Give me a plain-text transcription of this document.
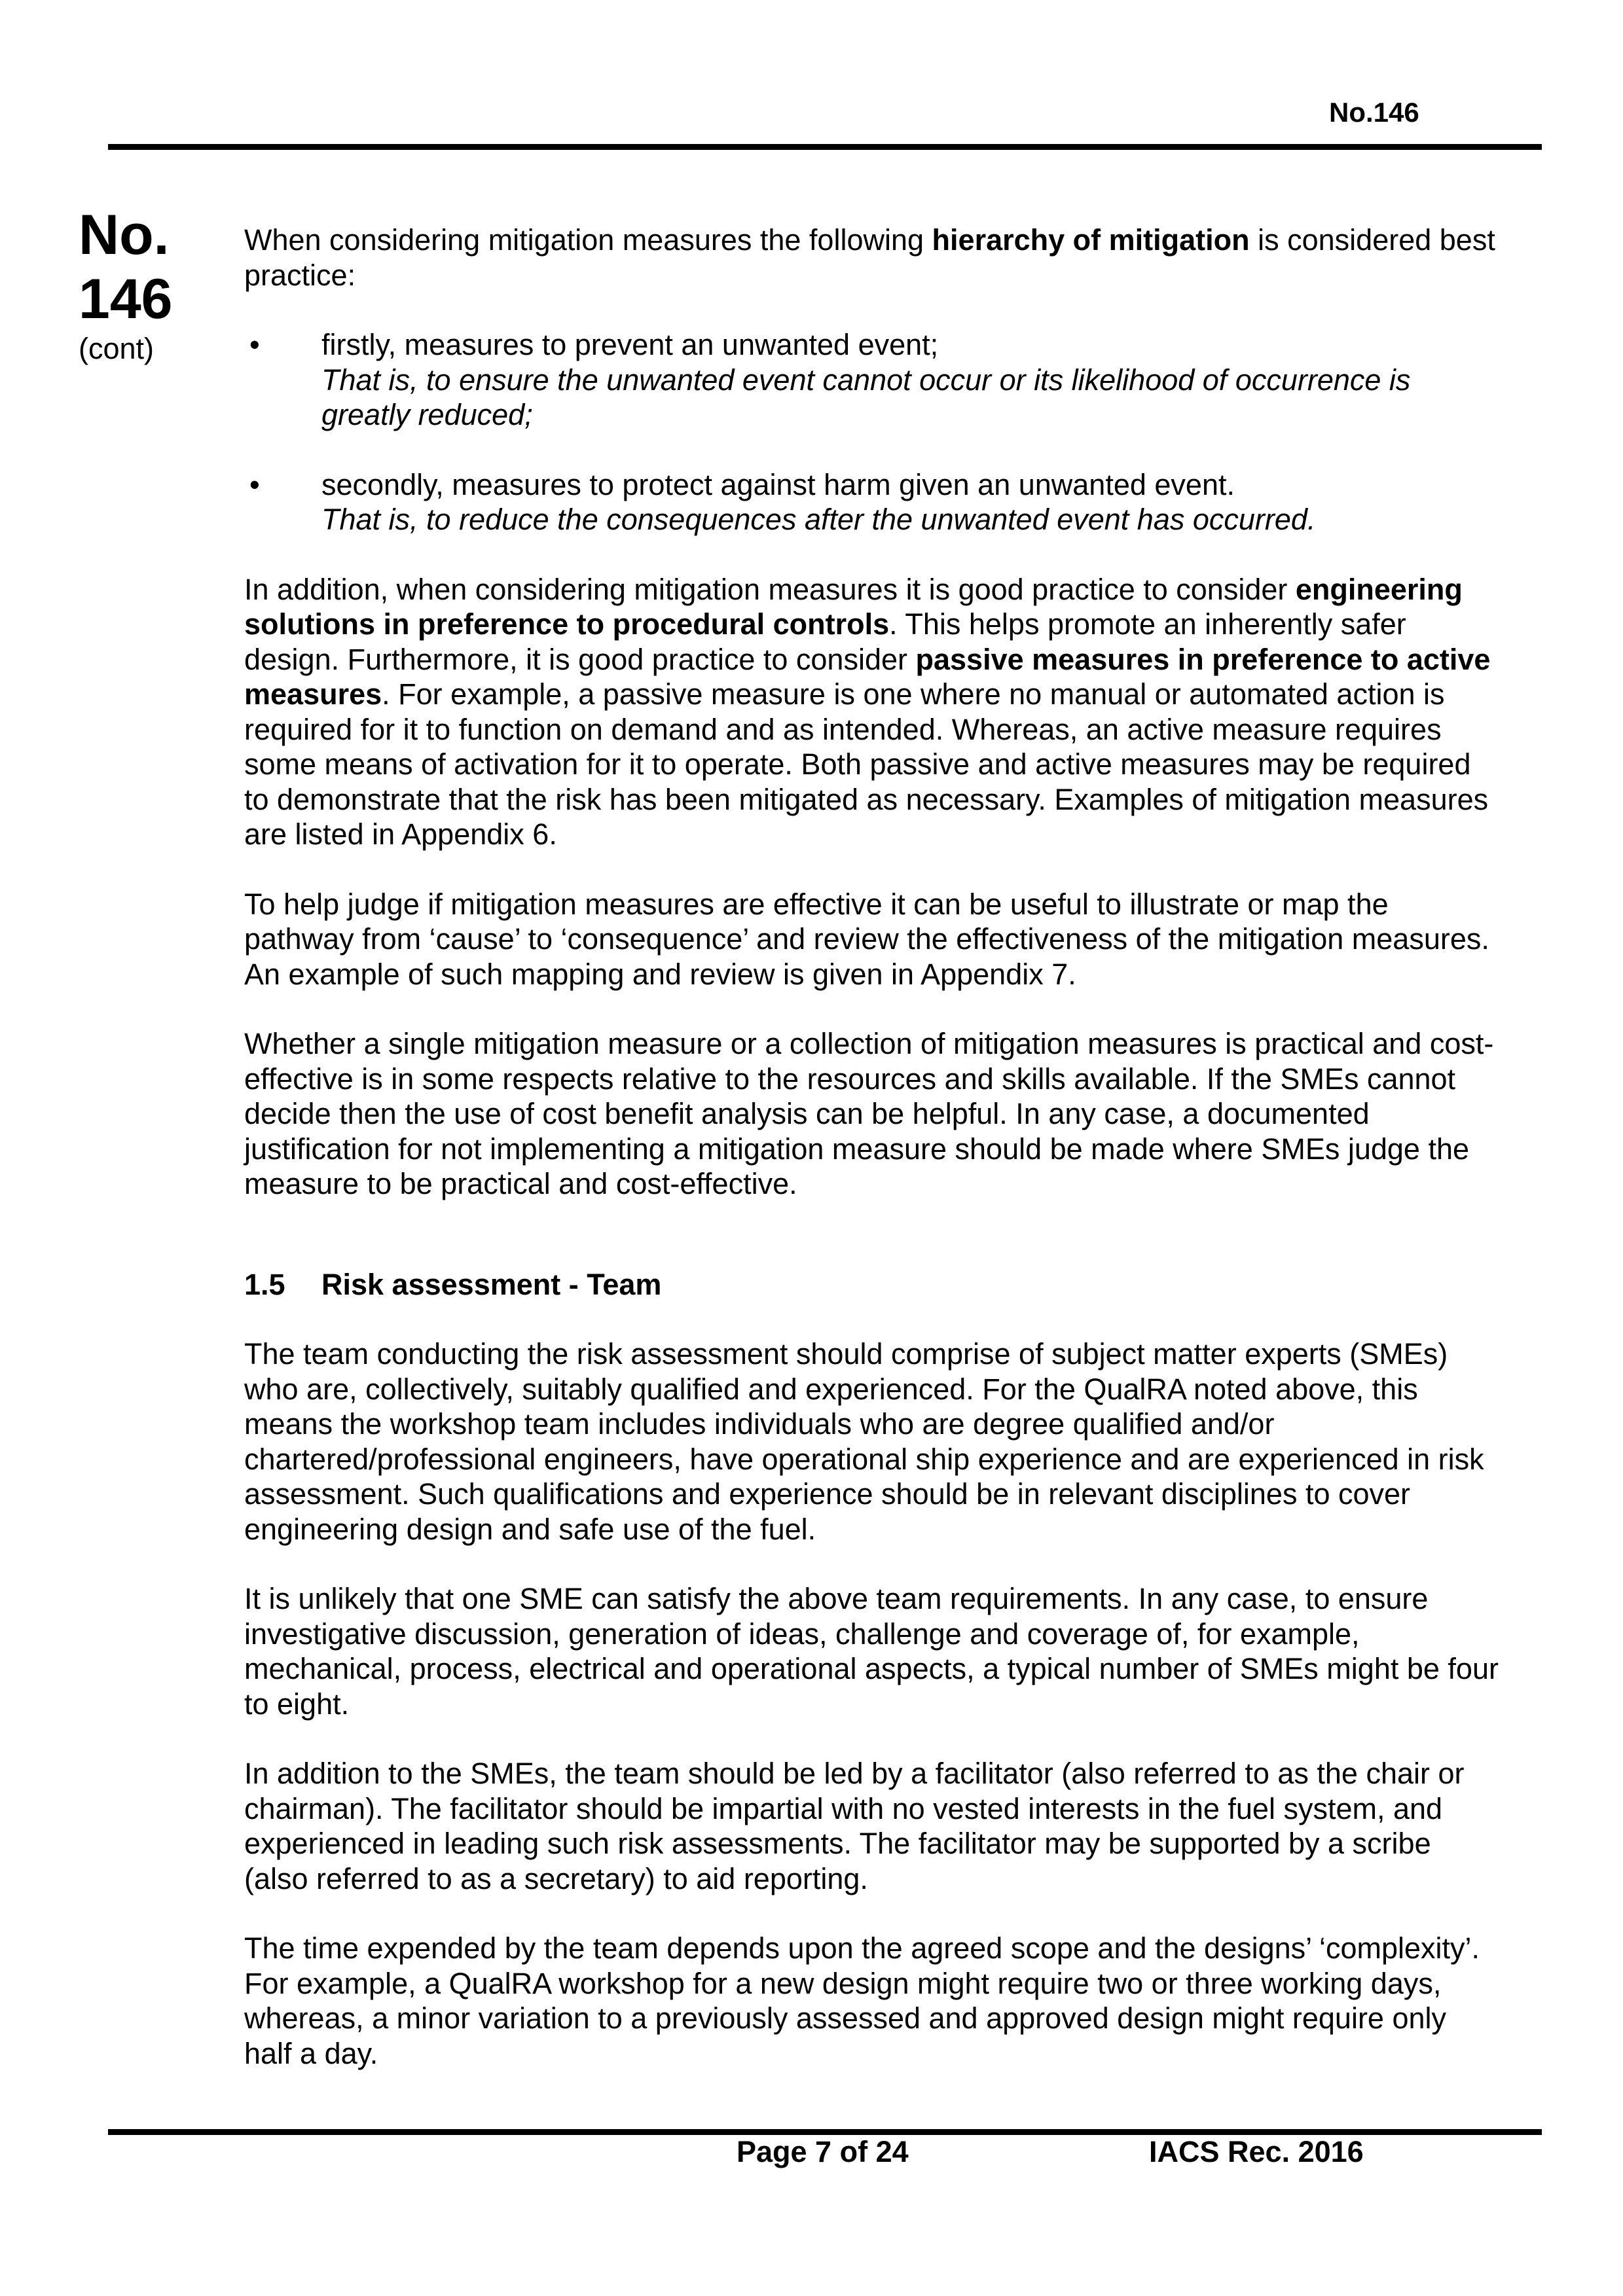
No.146
No.
146
(cont)

When considering mitigation measures the following hierarchy of mitigation is considered best practice:

•	firstly, measures to prevent an unwanted event;
That is, to ensure the unwanted event cannot occur or its likelihood of occurrence is greatly reduced;
•	secondly, measures to protect against harm given an unwanted event.
That is, to reduce the consequences after the unwanted event has occurred.

In addition, when considering mitigation measures it is good practice to consider engineering solutions in preference to procedural controls. This helps promote an inherently safer design. Furthermore, it is good practice to consider passive measures in preference to active measures. For example, a passive measure is one where no manual or automated action is required for it to function on demand and as intended. Whereas, an active measure requires some means of activation for it to operate. Both passive and active measures may be required to demonstrate that the risk has been mitigated as necessary. Examples of mitigation measures are listed in Appendix 6.

To help judge if mitigation measures are effective it can be useful to illustrate or map the pathway from ‘cause’ to ‘consequence’ and review the effectiveness of the mitigation measures. An example of such mapping and review is given in Appendix 7.

Whether a single mitigation measure or a collection of mitigation measures is practical and cost-effective is in some respects relative to the resources and skills available. If the SMEs cannot decide then the use of cost benefit analysis can be helpful. In any case, a documented justification for not implementing a mitigation measure should be made where SMEs judge the measure to be practical and cost-effective.

1.5	Risk assessment - Team

The team conducting the risk assessment should comprise of subject matter experts (SMEs) who are, collectively, suitably qualified and experienced. For the QualRA noted above, this means the workshop team includes individuals who are degree qualified and/or chartered/professional engineers, have operational ship experience and are experienced in risk assessment. Such qualifications and experience should be in relevant disciplines to cover engineering design and safe use of the fuel.

It is unlikely that one SME can satisfy the above team requirements. In any case, to ensure investigative discussion, generation of ideas, challenge and coverage of, for example, mechanical, process, electrical and operational aspects, a typical number of SMEs might be four to eight.

In addition to the SMEs, the team should be led by a facilitator (also referred to as the chair or chairman). The facilitator should be impartial with no vested interests in the fuel system, and experienced in leading such risk assessments. The facilitator may be supported by a scribe (also referred to as a secretary) to aid reporting.

The time expended by the team depends upon the agreed scope and the designs’ ‘complexity’. For example, a QualRA workshop for a new design might require two or three working days, whereas, a minor variation to a previously assessed and approved design might require only half a day.

Page 7 of 24	IACS Rec. 2016
